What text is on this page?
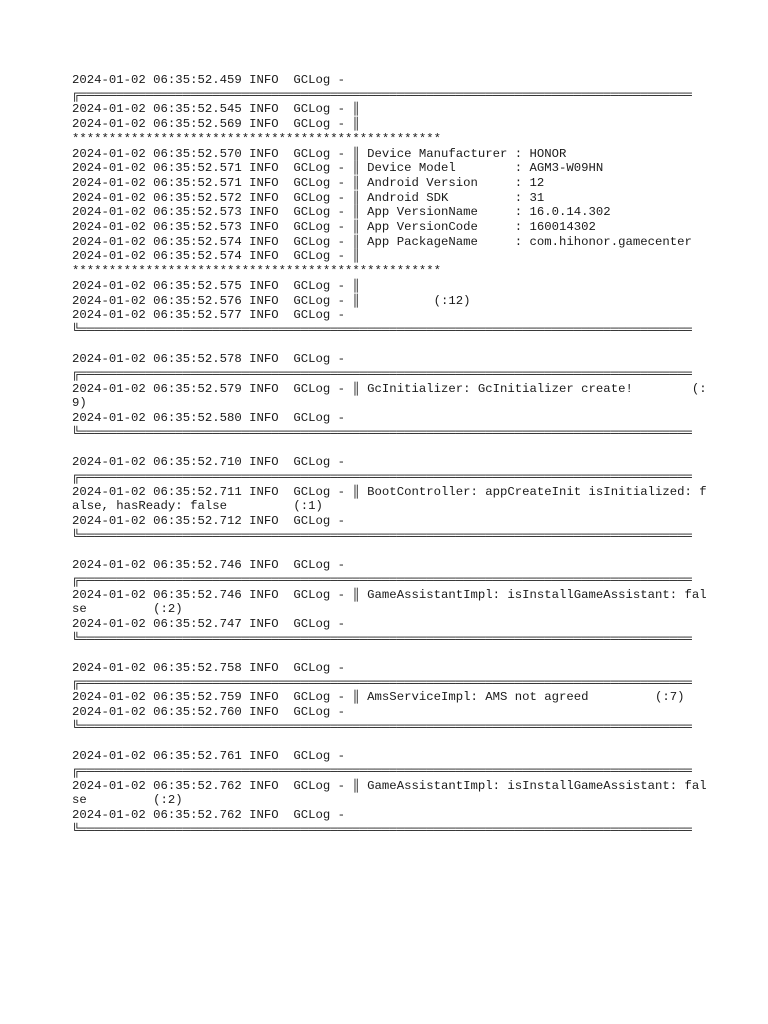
2024-01-02 06:35:52.459 INFO  GCLog -
╔═══════════════════════════════════════════════════════════════════════════════════
2024-01-02 06:35:52.545 INFO  GCLog - ║
2024-01-02 06:35:52.569 INFO  GCLog - ║
**************************************************
2024-01-02 06:35:52.570 INFO  GCLog - ║ Device Manufacturer : HONOR
2024-01-02 06:35:52.571 INFO  GCLog - ║ Device Model        : AGM3-W09HN
2024-01-02 06:35:52.571 INFO  GCLog - ║ Android Version     : 12
2024-01-02 06:35:52.572 INFO  GCLog - ║ Android SDK         : 31
2024-01-02 06:35:52.573 INFO  GCLog - ║ App VersionName     : 16.0.14.302
2024-01-02 06:35:52.573 INFO  GCLog - ║ App VersionCode     : 160014302
2024-01-02 06:35:52.574 INFO  GCLog - ║ App PackageName     : com.hihonor.gamecenter
2024-01-02 06:35:52.574 INFO  GCLog - ║
**************************************************
2024-01-02 06:35:52.575 INFO  GCLog - ║
2024-01-02 06:35:52.576 INFO  GCLog - ║          (:12)
2024-01-02 06:35:52.577 INFO  GCLog -
╚═══════════════════════════════════════════════════════════════════════════════════
2024-01-02 06:35:52.578 INFO  GCLog -
╔═══════════════════════════════════════════════════════════════════════════════════
2024-01-02 06:35:52.579 INFO  GCLog - ║ GcInitializer: GcInitializer create!        (:9)
2024-01-02 06:35:52.580 INFO  GCLog -
╚═══════════════════════════════════════════════════════════════════════════════════
2024-01-02 06:35:52.710 INFO  GCLog -
╔═══════════════════════════════════════════════════════════════════════════════════
2024-01-02 06:35:52.711 INFO  GCLog - ║ BootController: appCreateInit isInitialized: false, hasReady: false         (:1)
2024-01-02 06:35:52.712 INFO  GCLog -
╚═══════════════════════════════════════════════════════════════════════════════════
2024-01-02 06:35:52.746 INFO  GCLog -
╔═══════════════════════════════════════════════════════════════════════════════════
2024-01-02 06:35:52.746 INFO  GCLog - ║ GameAssistantImpl: isInstallGameAssistant: false         (:2)
2024-01-02 06:35:52.747 INFO  GCLog -
╚═══════════════════════════════════════════════════════════════════════════════════
2024-01-02 06:35:52.758 INFO  GCLog -
╔═══════════════════════════════════════════════════════════════════════════════════
2024-01-02 06:35:52.759 INFO  GCLog - ║ AmsServiceImpl: AMS not agreed         (:7)
2024-01-02 06:35:52.760 INFO  GCLog -
╚═══════════════════════════════════════════════════════════════════════════════════
2024-01-02 06:35:52.761 INFO  GCLog -
╔═══════════════════════════════════════════════════════════════════════════════════
2024-01-02 06:35:52.762 INFO  GCLog - ║ GameAssistantImpl: isInstallGameAssistant: false         (:2)
2024-01-02 06:35:52.762 INFO  GCLog -
╚═══════════════════════════════════════════════════════════════════════════════════
